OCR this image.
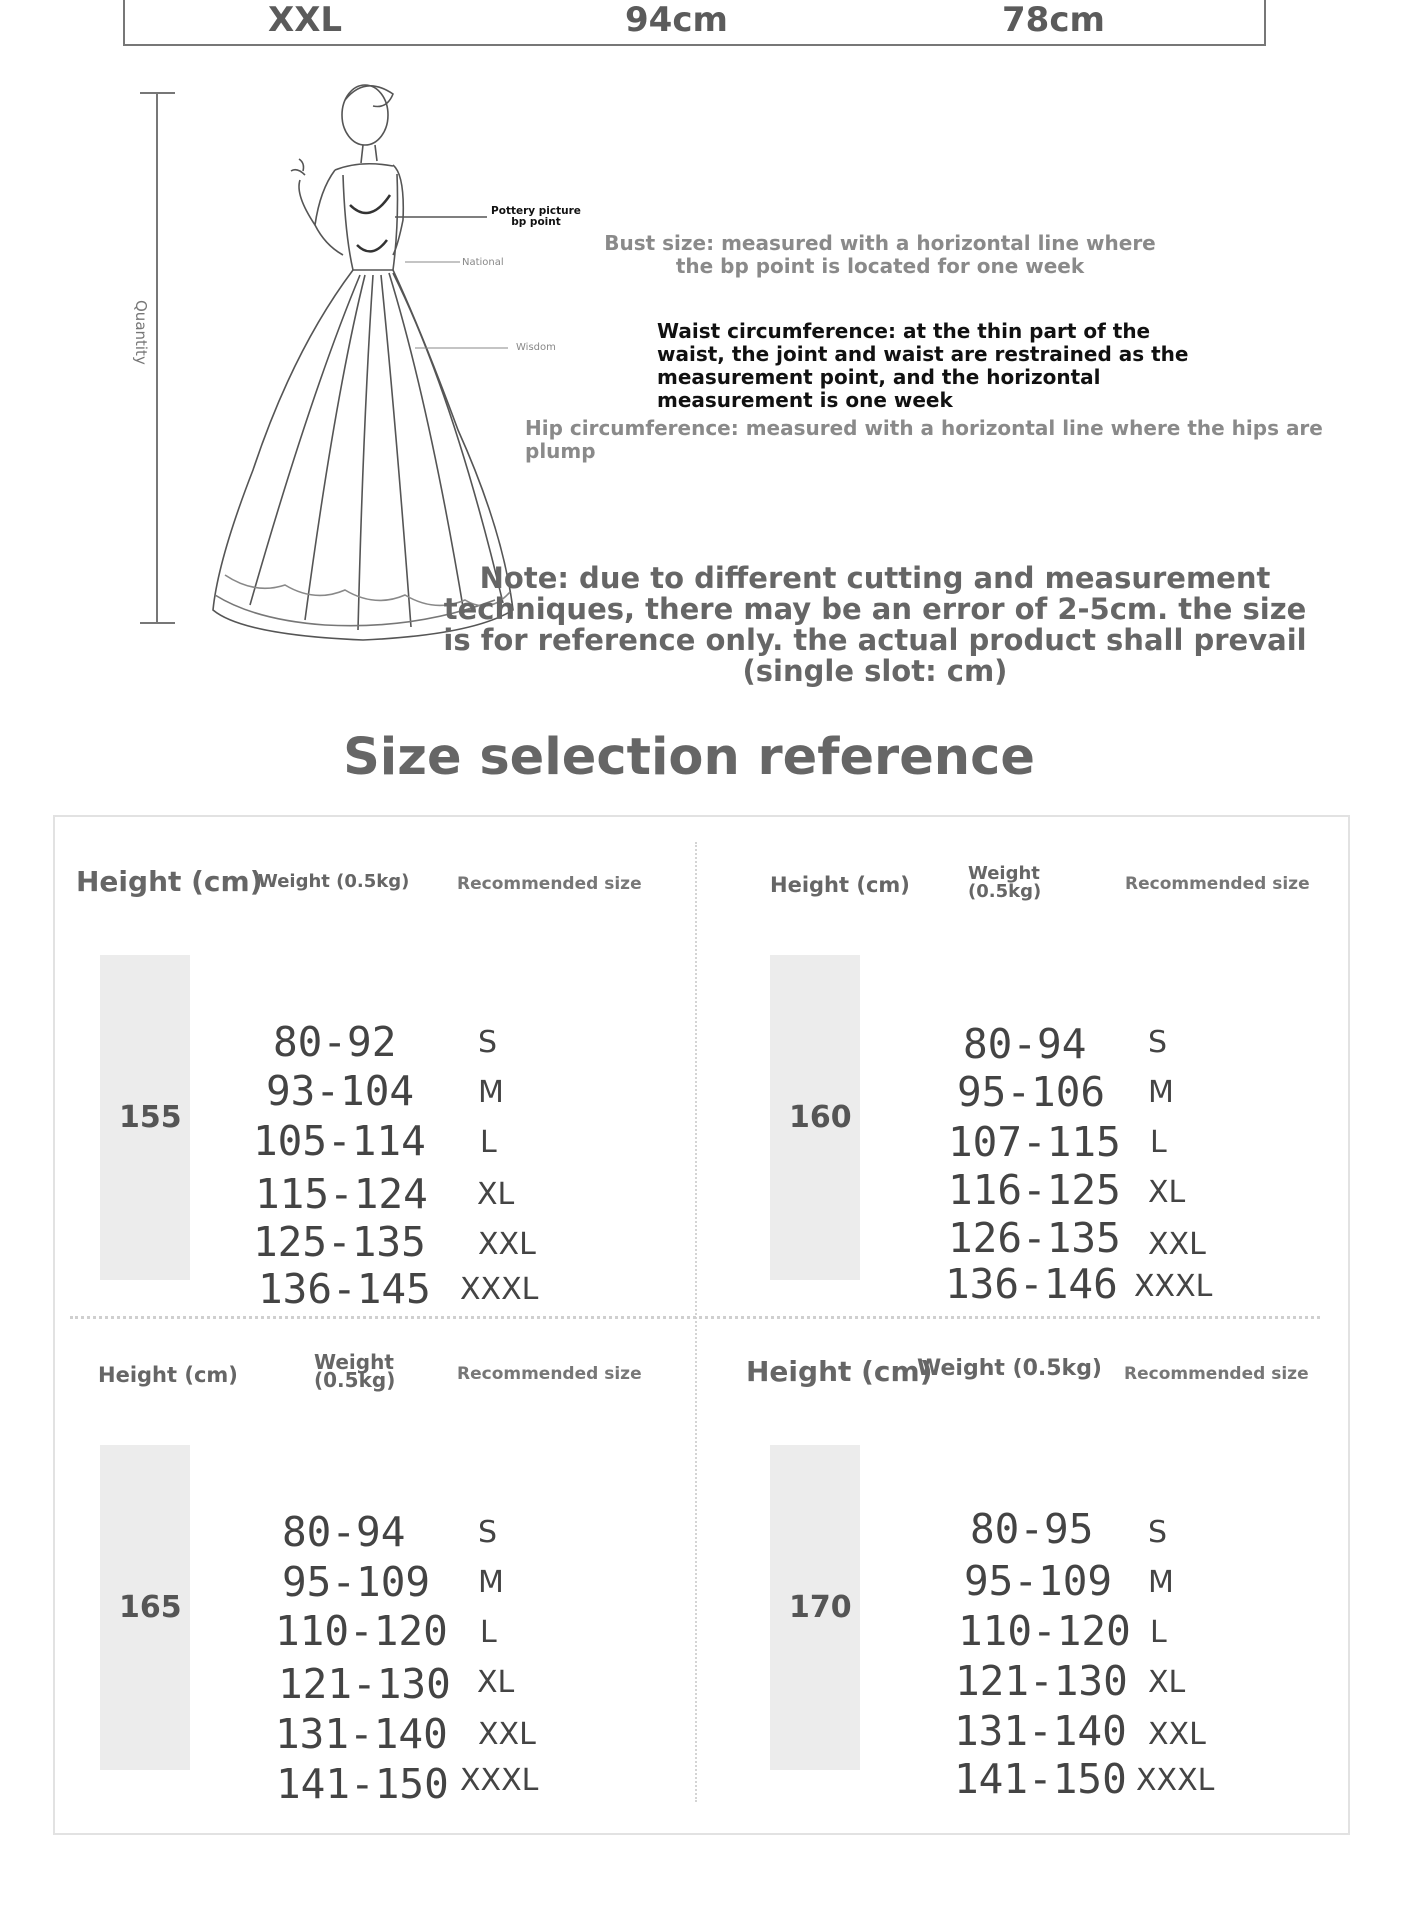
XXL	94cm	78cm
Quantity
Pottery picture bp point
National
Wisdom
Bust size: measured with a horizontal line where the bp point is located for one week
Waist circumference: at the thin part of the waist, the joint and waist are restrained as the measurement point, and the horizontal measurement is one week
Hip circumference: measured with a horizontal line where the hips are plump
Note: due to different cutting and measurement techniques, there may be an error of 2-5cm. the size is for reference only. the actual product shall prevail (single slot: cm)
Size selection reference
Height (cm)
Weight (0.5kg)	Recommended size
155
80-92	S
93-104 M
105-114 L
115-124 XL
125-135 XXL
136-145 XXXL
Height (cm)	Weight (0.5kg)	Recommended size
160
80-94 S
95-106 M
107-115 L
116-125 XL
126-135 XXL
136-146 XXXL
Height (cm)
Weight (0.5kg)	Recommended size
165
80-94 S
95-109 M
110-120 L
121-130 XL
131-140 XXL
141-150 XXXL
Height (cm)
Weight (0.5kg) Recommended size
170
80-95 S
95-109 M
110-120 L
121-130 XL
131-140 XXL
141-150 XXXL
